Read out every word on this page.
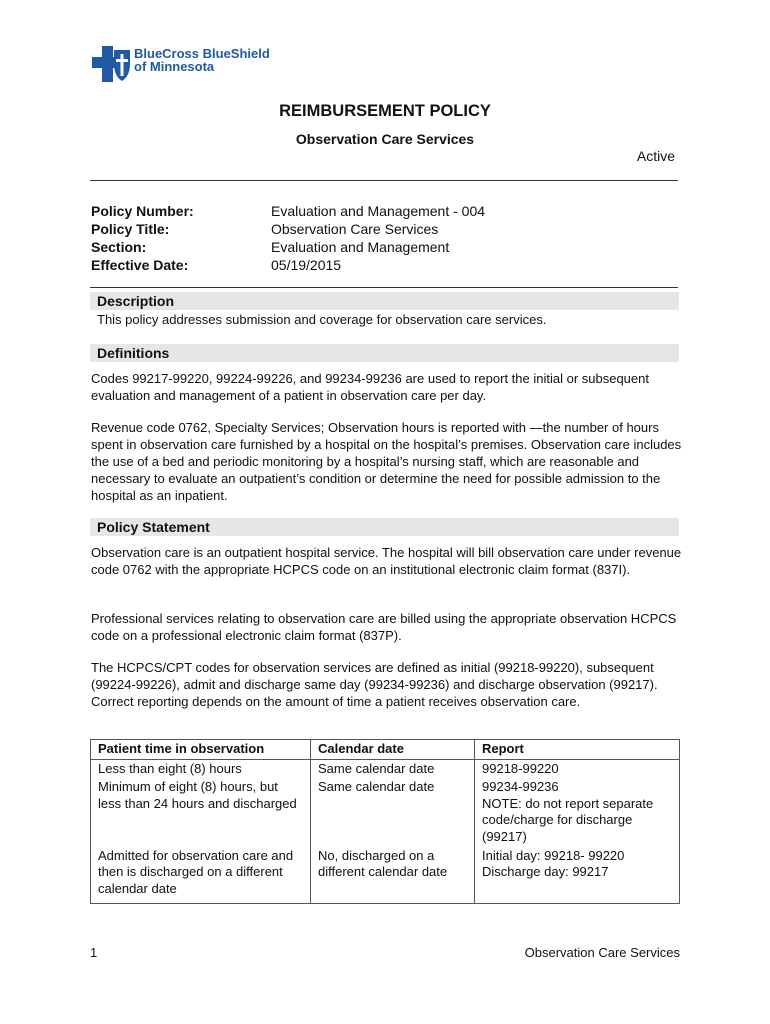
BlueCross BlueShield
of Minnesota
REIMBURSEMENT POLICY
Observation Care Services
Active
Policy Number:	Evaluation and Management - 004
Policy Title:	Observation Care Services
Section:	Evaluation and Management
Effective Date:	05/19/2015
Description
This policy addresses submission and coverage for observation care services.
Definitions
Codes 99217-99220, 99224-99226, and 99234-99236 are used to report the initial or subsequent evaluation and management of a patient in observation care per day.
Revenue code 0762, Specialty Services; Observation hours is reported with ―the number of hours spent in observation care furnished by a hospital on the hospital’s premises. Observation care includes the use of a bed and periodic monitoring by a hospital’s nursing staff, which are reasonable and necessary to evaluate an outpatient’s condition or determine the need for possible admission to the hospital as an inpatient.
Policy Statement
Observation care is an outpatient hospital service. The hospital will bill observation care under revenue code 0762 with the appropriate HCPCS code on an institutional electronic claim format (837I).
Professional services relating to observation care are billed using the appropriate observation HCPCS code on a professional electronic claim format (837P).
The HCPCS/CPT codes for observation services are defined as initial (99218-99220), subsequent (99224-99226), admit and discharge same day (99234-99236) and discharge observation (99217). Correct reporting depends on the amount of time a patient receives observation care.
Patient time in observation	Calendar date	Report
Less than eight (8) hours	Same calendar date	99218-99220
Minimum of eight (8) hours, but less than 24 hours and discharged	Same calendar date	99234-99236
NOTE: do not report separate code/charge for discharge (99217)
Admitted for observation care and then is discharged on a different calendar date	No, discharged on a different calendar date	Initial day: 99218- 99220
Discharge day: 99217
1	Observation Care Services
